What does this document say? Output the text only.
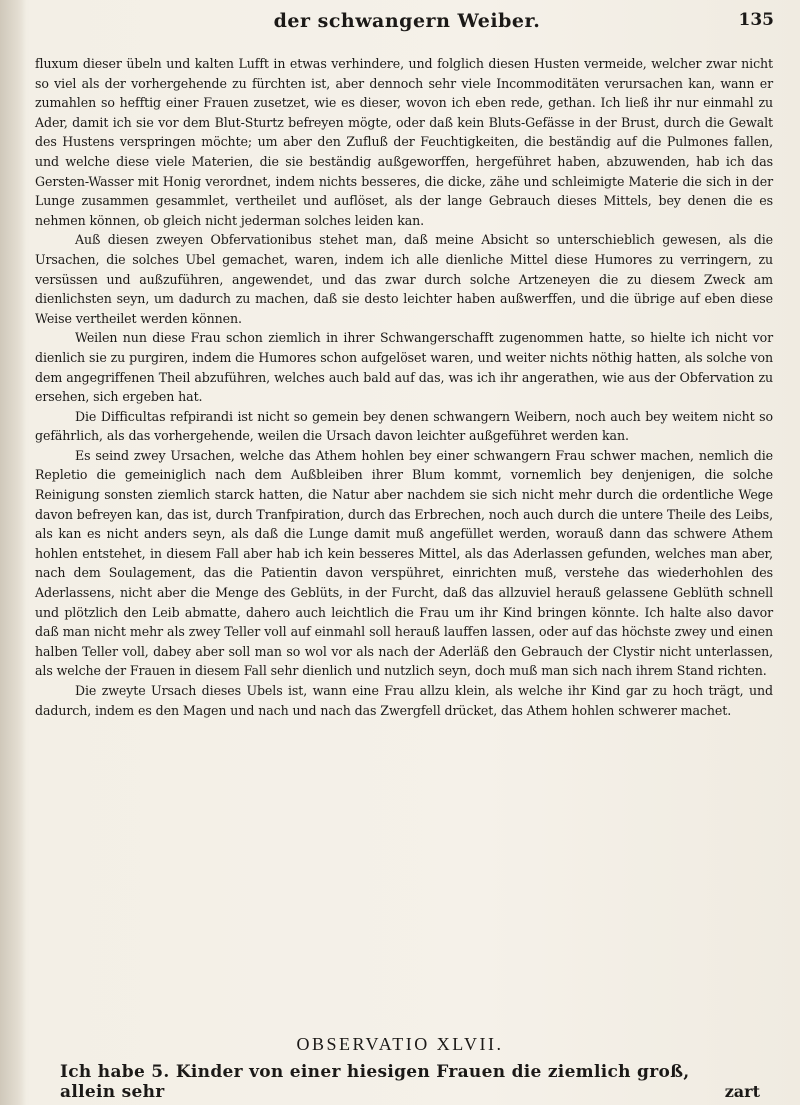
der schwangern Weiber.	135

fluxum dieser übeln und kalten Lufft in etwas verhindere, und folglich diesen Husten vermeide, welcher zwar nicht so viel als der vorhergehende zu fürchten ist, aber dennoch sehr viele Incommoditäten verursachen kan, wann er zumahlen so hefftig einer Frauen zusetzet, wie es dieser, wovon ich eben rede, gethan. Ich ließ ihr nur einmahl zu Ader, damit ich sie vor dem Blut-Sturtz befreyen mögte, oder daß kein Bluts-Gefässe in der Brust, durch die Gewalt des Hustens verspringen möchte; um aber den Zufluß der Feuchtigkeiten, die beständig auf die Pulmones fallen, und welche diese viele Materien, die sie beständig außgeworffen, hergeführet haben, abzuwenden, hab ich das Gersten-Wasser mit Honig verordnet, indem nichts besseres, die dicke, zähe und schleimigte Materie die sich in der Lunge zusammen gesammlet, vertheilet und auflöset, als der lange Gebrauch dieses Mittels, bey denen die es nehmen können, ob gleich nicht jederman solches leiden kan.

Auß diesen zweyen Obfervationibus stehet man, daß meine Absicht so unterschieblich gewesen, als die Ursachen, die solches Ubel gemachet, waren, indem ich alle dienliche Mittel diese Humores zu verringern, zu versüssen und außzuführen, angewendet, und das zwar durch solche Artzeneyen die zu diesem Zweck am dienlichsten seyn, um dadurch zu machen, daß sie desto leichter haben außwerffen, und die übrige auf eben diese Weise vertheilet werden können.

Weilen nun diese Frau schon ziemlich in ihrer Schwangerschafft zugenommen hatte, so hielte ich nicht vor dienlich sie zu purgiren, indem die Humores schon aufgelöset waren, und weiter nichts nöthig hatten, als solche von dem angegriffenen Theil abzuführen, welches auch bald auf das, was ich ihr angerathen, wie aus der Obfervation zu ersehen, sich ergeben hat.

Die Difficultas refpirandi ist nicht so gemein bey denen schwangern Weibern, noch auch bey weitem nicht so gefährlich, als das vorhergehende, weilen die Ursach davon leichter außgeführet werden kan.

Es seind zwey Ursachen, welche das Athem hohlen bey einer schwangern Frau schwer machen, nemlich die Repletio die gemeiniglich nach dem Außbleiben ihrer Blum kommt, vornemlich bey denjenigen, die solche Reinigung sonsten ziemlich starck hatten, die Natur aber nachdem sie sich nicht mehr durch die ordentliche Wege davon befreyen kan, das ist, durch Tranfpiration, durch das Erbrechen, noch auch durch die untere Theile des Leibs, als kan es nicht anders seyn, als daß die Lunge damit muß angefüllet werden, worauß dann das schwere Athem hohlen entstehet, in diesem Fall aber hab ich kein besseres Mittel, als das Aderlassen gefunden, welches man aber, nach dem Soulagement, das die Patientin davon verspühret, einrichten muß, verstehe das wiederhohlen des Aderlassens, nicht aber die Menge des Geblüts, in der Furcht, daß das allzuviel herauß gelassene Geblüth schnell und plötzlich den Leib abmatte, dahero auch leichtlich die Frau um ihr Kind bringen könnte. Ich halte also davor daß man nicht mehr als zwey Teller voll auf einmahl soll herauß lauffen lassen, oder auf das höchste zwey und einen halben Teller voll, dabey aber soll man so wol vor als nach der Aderläß den Gebrauch der Clystir nicht unterlassen, als welche der Frauen in diesem Fall sehr dienlich und nutzlich seyn, doch muß man sich nach ihrem Stand richten.

Die zweyte Ursach dieses Ubels ist, wann eine Frau allzu klein, als welche ihr Kind gar zu hoch trägt, und dadurch, indem es den Magen und nach und nach das Zwergfell drücket, das Athem hohlen schwerer machet.

OBSERVATIO XLVII.
Ich habe 5. Kinder von einer hiesigen Frauen die ziemlich groß, allein sehr	zart
